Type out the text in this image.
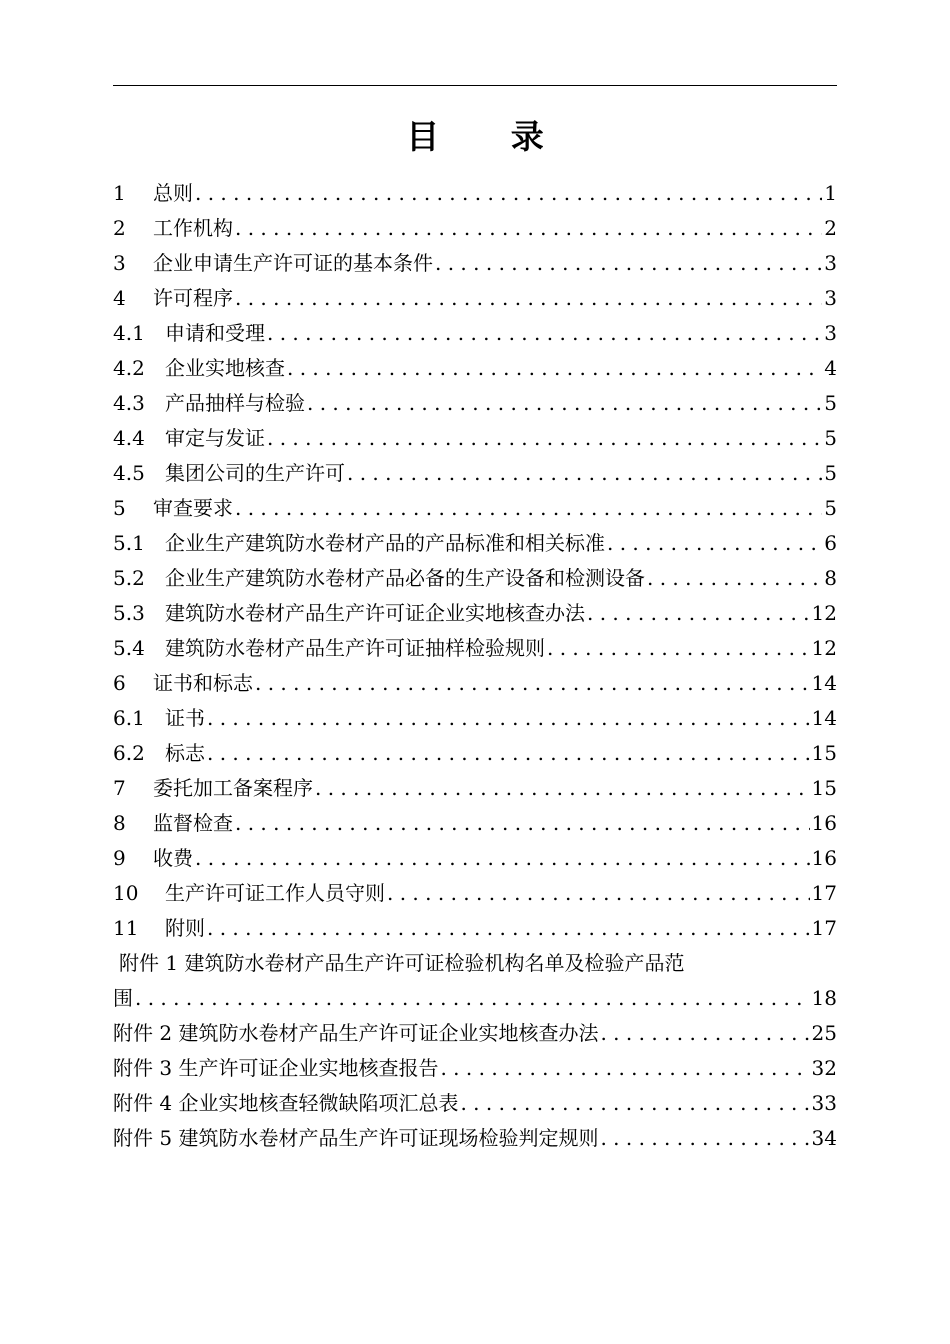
目 录
1	总则 . . .	1
2	工作机构 . . .	2
3	企业申请生产许可证的基本条件 . . .	3
4	许可程序 . . .	3
4.1	申请和受理 . . .	3
4.2	企业实地核查 . . .	4
4.3	产品抽样与检验 . . .	5
4.4	审定与发证 . . .	5
4.5	集团公司的生产许可 . . .	5
5	审查要求 . . .	5
5.1	企业生产建筑防水卷材产品的产品标准和相关标准 . . .	6
5.2	企业生产建筑防水卷材产品必备的生产设备和检测设备 . . .	8
5.3	建筑防水卷材产品生产许可证企业实地核查办法 . . .	12
5.4	建筑防水卷材产品生产许可证抽样检验规则 . . .	12
6	证书和标志 . . .	14
6.1	证书 . . .	14
6.2	标志 . . .	15
7	委托加工备案程序 . . .	15
8	监督检查 . . .	16
9	收费 . . .	16
10	生产许可证工作人员守则 . . .	17
11	附则 . . .	17
附件 1 建筑防水卷材产品生产许可证检验机构名单及检验产品范
围 . . .	18
附件 2 建筑防水卷材产品生产许可证企业实地核查办法 . . .	25
附件 3 生产许可证企业实地核查报告 . . .	32
附件 4 企业实地核查轻微缺陷项汇总表 . . .	33
附件 5 建筑防水卷材产品生产许可证现场检验判定规则 . . .	34
